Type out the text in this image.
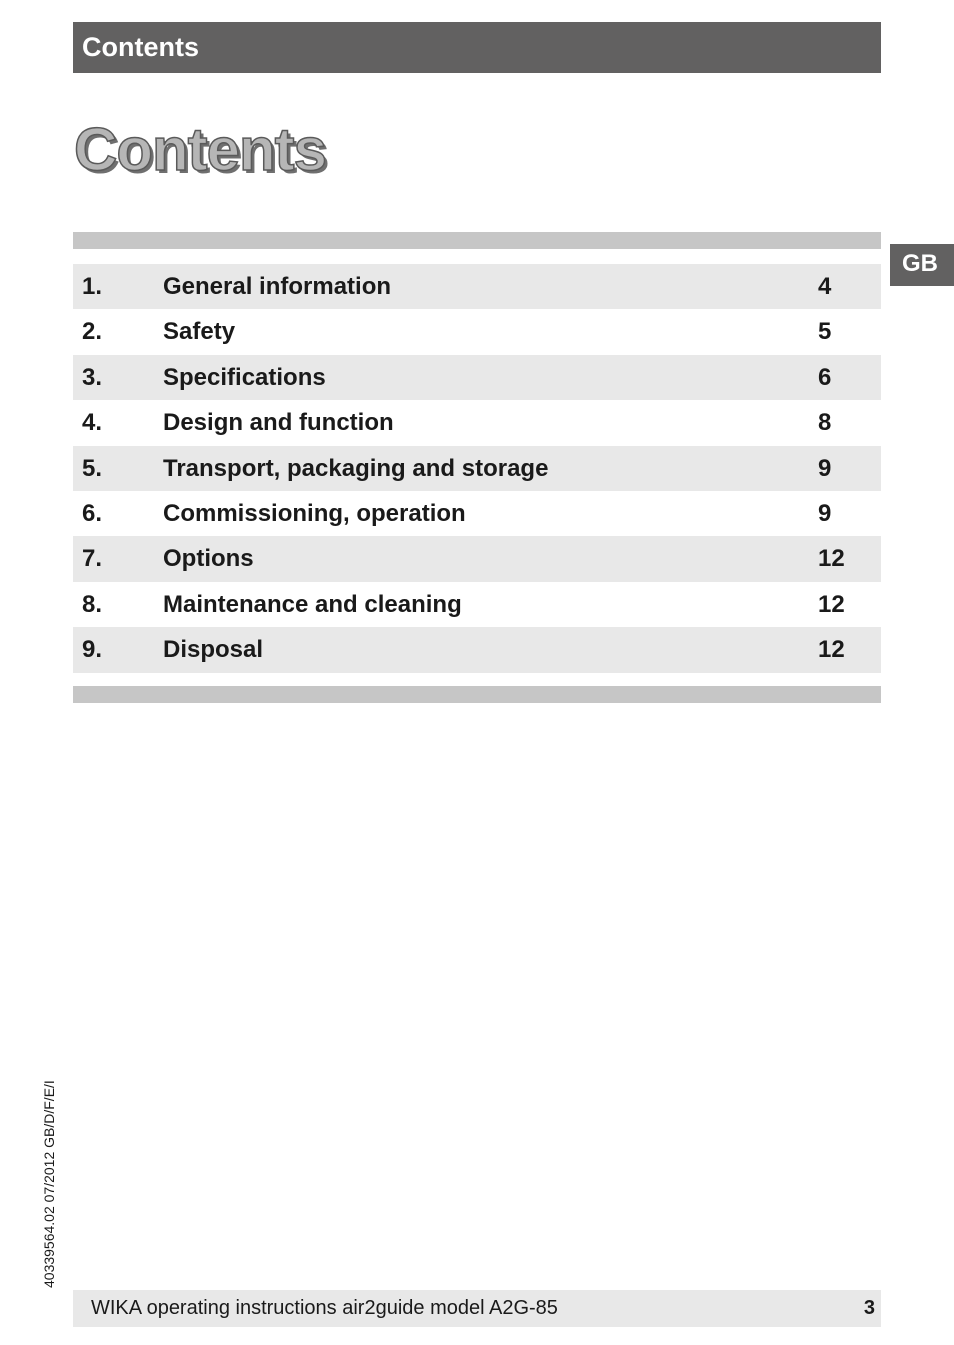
Contents
Contents
GB
1.	General information	4
2.	Safety	5
3.	Specifications	6
4.	Design and function	8
5.	Transport, packaging and storage	9
6.	Commissioning, operation	9
7.	Options	12
8.	Maintenance and cleaning	12
9.	Disposal	12
40339564.02 07/2012 GB/D/F/E/I
WIKA operating instructions air2guide model A2G-85	3
